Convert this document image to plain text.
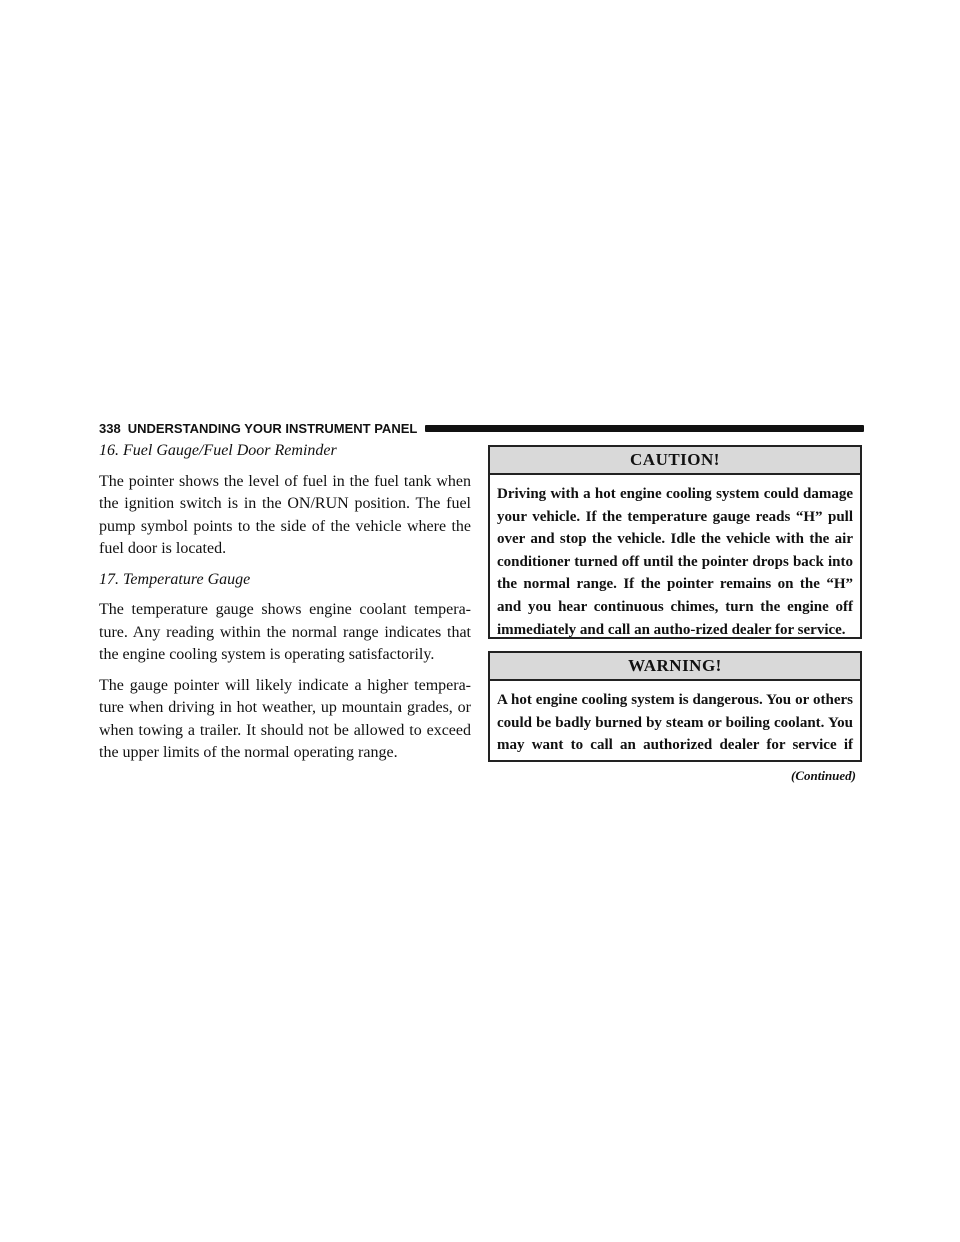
338 UNDERSTANDING YOUR INSTRUMENT PANEL
16. Fuel Gauge/Fuel Door Reminder

The pointer shows the level of fuel in the fuel tank when the ignition switch is in the ON/RUN position. The fuel pump symbol points to the side of the vehicle where the fuel door is located.

17. Temperature Gauge

The temperature gauge shows engine coolant tempera-ture. Any reading within the normal range indicates that the engine cooling system is operating satisfactorily.

The gauge pointer will likely indicate a higher tempera-ture when driving in hot weather, up mountain grades, or when towing a trailer. It should not be allowed to exceed the upper limits of the normal operating range.

CAUTION!
Driving with a hot engine cooling system could damage your vehicle. If the temperature gauge reads “H” pull over and stop the vehicle. Idle the vehicle with the air conditioner turned off until the pointer drops back into the normal range. If the pointer remains on the “H” and you hear continuous chimes, turn the engine off immediately and call an autho-rized dealer for service.
WARNING!
A hot engine cooling system is dangerous. You or others could be badly burned by steam or boiling coolant. You may want to call an authorized dealer for service if
(Continued)
